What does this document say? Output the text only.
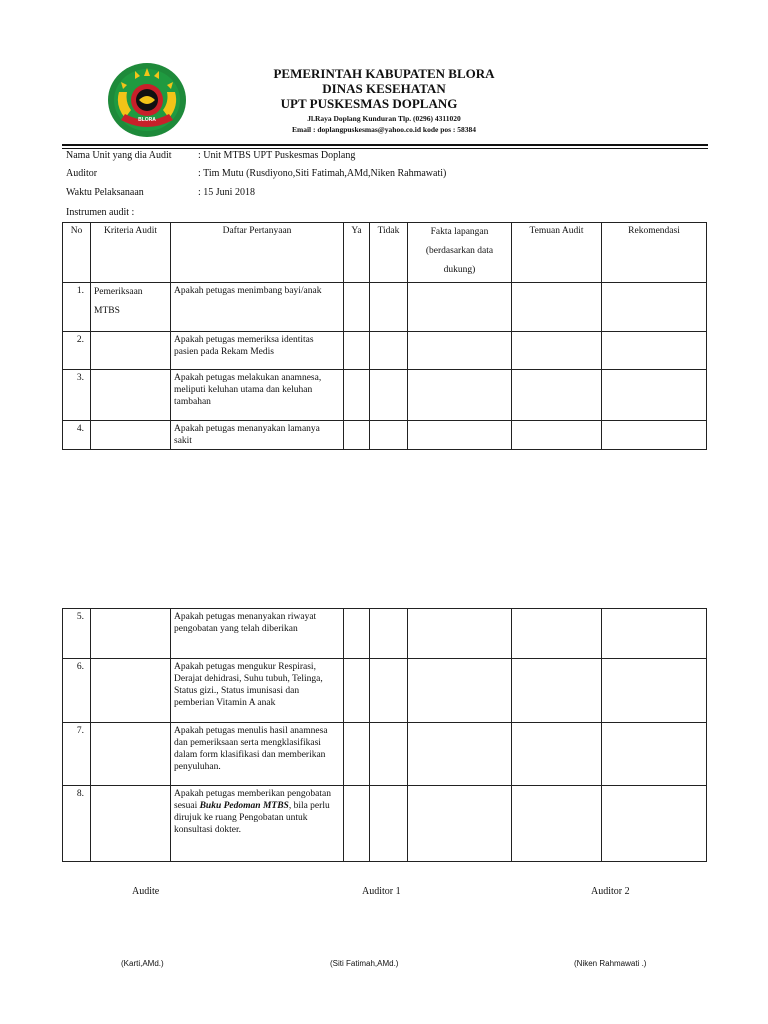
BLORA
PEMERINTAH KABUPATEN BLORA
DINAS KESEHATAN
UPT PUSKESMAS DOPLANG
Jl.Raya Doplang Kunduran Tlp. (0296) 4311020
Email : doplangpuskesmas@yahoo.co.id kode pos : 58384
Nama Unit yang dia Audit	: Unit MTBS UPT Puskesmas Doplang
Auditor	: Tim Mutu (Rusdiyono,Siti Fatimah,AMd,Niken Rahmawati)
Waktu Pelaksanaan	: 15 Juni 2018
Instrumen audit :
No	Kriteria Audit	Daftar Pertanyaan	Ya	Tidak	Fakta lapangan
(berdasarkan data
dukung)	Temuan Audit	Rekomendasi
1.	Pemeriksaan
MTBS	Apakah petugas menimbang bayi/anak					
2.		Apakah petugas memeriksa identitas pasien pada Rekam Medis					
3.		Apakah petugas melakukan anamnesa, meliputi keluhan utama dan keluhan tambahan					
4.		Apakah petugas menanyakan lamanya sakit					
5.		Apakah petugas menanyakan riwayat pengobatan yang telah diberikan					
6.		Apakah petugas mengukur Respirasi, Derajat dehidrasi, Suhu tubuh, Telinga, Status gizi., Status imunisasi dan pemberian Vitamin A anak					
7.		Apakah petugas menulis hasil anamnesa dan pemeriksaan serta mengklasifikasi dalam form klasifikasi dan memberikan penyuluhan.					
8.		Apakah petugas memberikan pengobatan sesuai Buku Pedoman MTBS, bila perlu dirujuk ke ruang Pengobatan untuk konsultasi dokter.					
Audite	Auditor 1	Auditor 2
(Karti,AMd.)	(Siti Fatimah,AMd.)	(Niken Rahmawati .)
